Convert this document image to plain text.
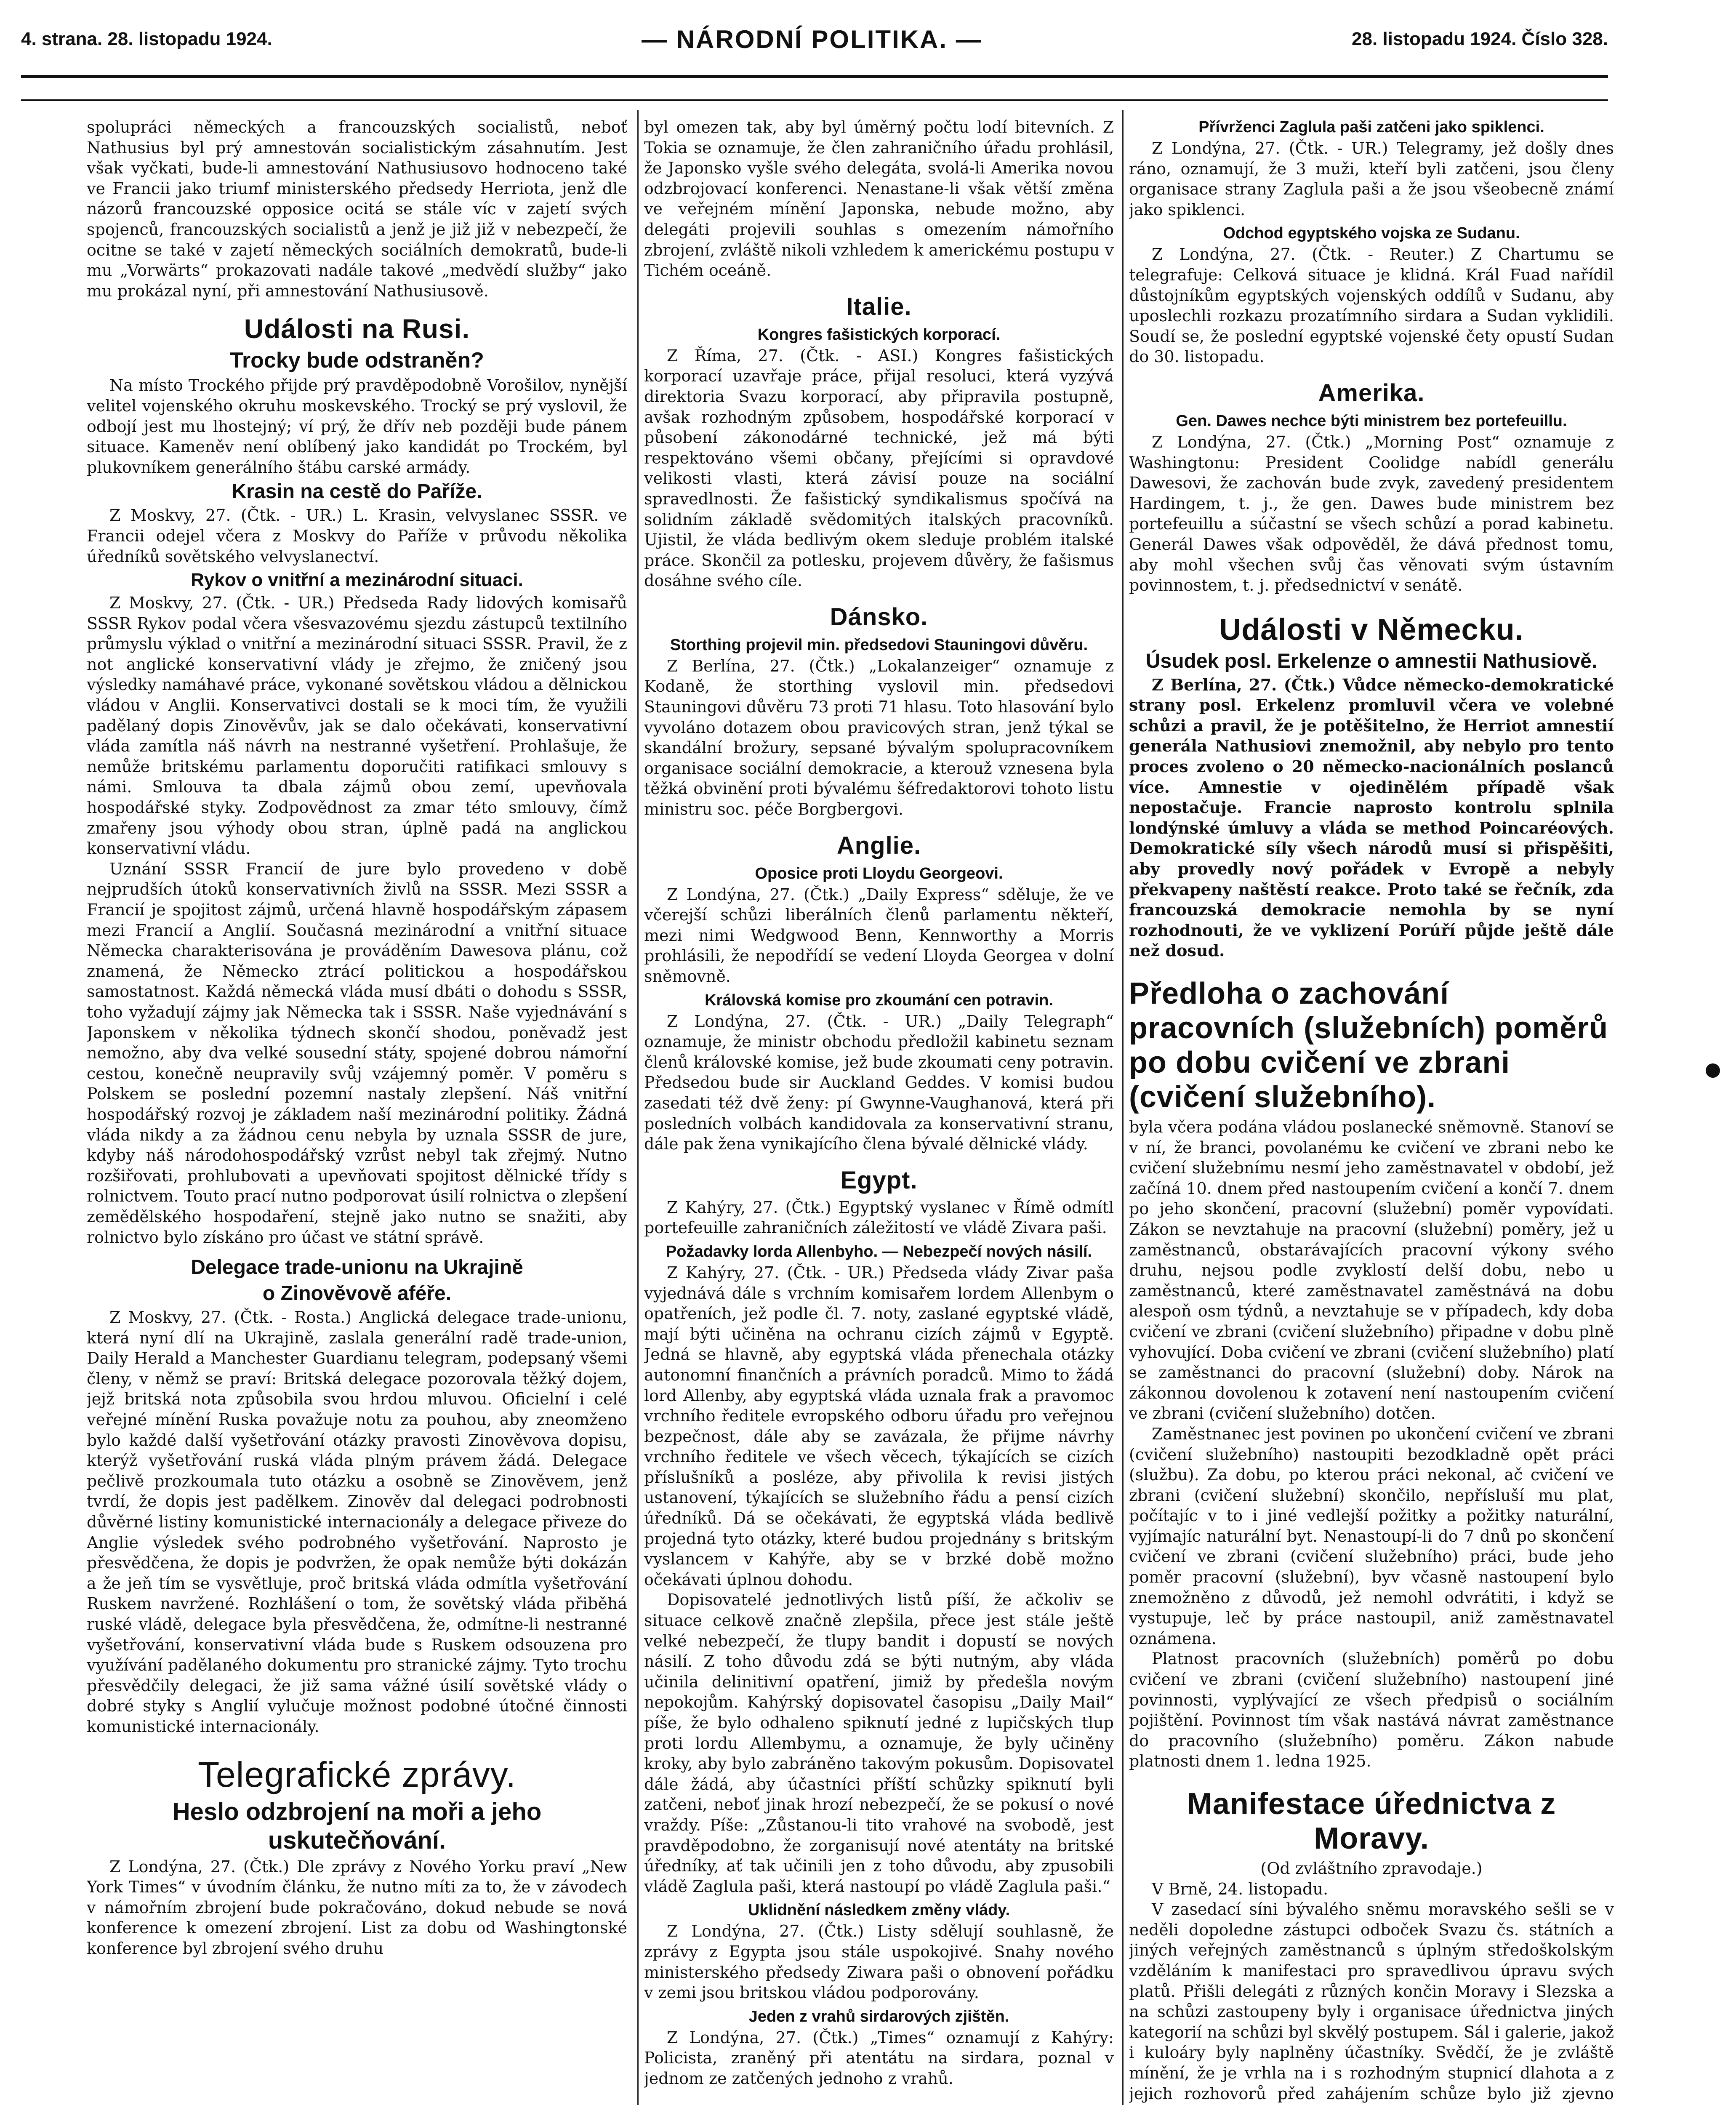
4. strana. 28. listopadu 1924.	— NÁRODNÍ POLITIKA. —	28. listopadu 1924. Číslo 328.

spolupráci německých a francouzských socialistů, neboť Nathusius byl prý amnestován socialistickým zásahnutím. Jest však vyčkati, bude-li amnestování Nathusiusovo hodnoceno také ve Francii jako triumf ministerského předsedy Herriota, jenž dle názorů francouzské opposice ocitá se stále víc v zajetí svých spojenců, francouzských socialistů a jenž je již již v nebezpečí, že ocitne se také v zajetí německých sociálních demokratů, bude-li mu „Vorwärts“ prokazovati nadále takové „medvědí služby“ jako mu prokázal nyní, při amnestování Nathusiusově.

Události na Rusi.
Trocky bude odstraněn?

Na místo Trockého přijde prý pravděpodobně Vorošilov, nynější velitel vojenského okruhu moskevského. Trocký se prý vyslovil, že odbojí jest mu lhostejný; ví prý, že dřív neb později bude pánem situace. Kameněv není oblíbený jako kandidát po Trockém, byl plukovníkem generálního štábu carské armády.

Krasin na cestě do Paříže.

Z Moskvy, 27. (Čtk. - UR.) L. Krasin, velvyslanec SSSR. ve Francii odejel včera z Moskvy do Paříže v průvodu několika úředníků sovětského velvyslanectví.

Rykov o vnitřní a mezinárodní situaci.

Z Moskvy, 27. (Čtk. - UR.) Předseda Rady lidových komisařů SSSR Rykov podal včera všesvazovému sjezdu zástupců textilního průmyslu výklad o vnitřní a mezinárodní situaci SSSR. Pravil, že z not anglické konservativní vlády je zřejmo, že zničený jsou výsledky namáhavé práce, vykonané sovětskou vládou a dělnickou vládou v Anglii. Konservativci dostali se k moci tím, že využili padělaný dopis Zinověvův, jak se dalo očekávati, konservativní vláda zamítla náš návrh na nestranné vyšetření. Prohlašuje, že nemůže britskému parlamentu doporučiti ratifikaci smlouvy s námi. Smlouva ta dbala zájmů obou zemí, upevňovala hospodářské styky. Zodpovědnost za zmar této smlouvy, čímž zmařeny jsou výhody obou stran, úplně padá na anglickou konservativní vládu.

Uznání SSSR Francií de jure bylo provedeno v době nejprudších útoků konservativních živlů na SSSR. Mezi SSSR a Francií je spojitost zájmů, určená hlavně hospodářským zápasem mezi Francií a Anglií. Současná mezinárodní a vnitřní situace Německa charakterisována je prováděním Dawesova plánu, což znamená, že Německo ztrácí politickou a hospodářskou samostatnost. Každá německá vláda musí dbáti o dohodu s SSSR, toho vyžadují zájmy jak Německa tak i SSSR. Naše vyjednávání s Japonskem v několika týdnech skončí shodou, poněvadž jest nemožno, aby dva velké sousední státy, spojené dobrou námořní cestou, konečně neupravily svůj vzájemný poměr. V poměru s Polskem se poslední pozemní nastaly zlepšení. Náš vnitřní hospodářský rozvoj je základem naší mezinárodní politiky. Žádná vláda nikdy a za žádnou cenu nebyla by uznala SSSR de jure, kdyby náš národohospodářský vzrůst nebyl tak zřejmý. Nutno rozšiřovati, prohlubovati a upevňovati spojitost dělnické třídy s rolnictvem. Touto prací nutno podporovat úsilí rolnictva o zlepšení zemědělského hospodaření, stejně jako nutno se snažiti, aby rolnictvo bylo získáno pro účast ve státní správě.

Delegace trade-unionu na Ukrajině
o Zinověvově aféře.

Z Moskvy, 27. (Čtk. - Rosta.) Anglická delegace trade-unionu, která nyní dlí na Ukrajině, zaslala generální radě trade-union, Daily Herald a Manchester Guardianu telegram, podepsaný všemi členy, v němž se praví: Britská delegace pozorovala těžký dojem, jejž britská nota způsobila svou hrdou mluvou. Oficielní i celé veřejné mínění Ruska považuje notu za pouhou, aby zneomženo bylo každé další vyšetřování otázky pravosti Zinověvova dopisu, kterýž vyšetřování ruská vláda plným právem žádá. Delegace pečlivě prozkoumala tuto otázku a osobně se Zinověvem, jenž tvrdí, že dopis jest padělkem. Zinověv dal delegaci podrobnosti důvěrné listiny komunistické internacionály a delegace přiveze do Anglie výsledek svého podrobného vyšetřování. Naprosto je přesvědčena, že dopis je podvržen, že opak nemůže býti dokázán a že jeň tím se vysvětluje, proč britská vláda odmítla vyšetřování Ruskem navržené. Rozhlášení o tom, že sovětský vláda přiběhá ruské vládě, delegace byla přesvědčena, že, odmítne-li nestranné vyšetřování, konservativní vláda bude s Ruskem odsouzena pro využívání padělaného dokumentu pro stranické zájmy. Tyto trochu přesvědčily delegaci, že již sama vážné úsilí sovětské vlády o dobré styky s Anglií vylučuje možnost podobné útočné činnosti komunistické internacionály.

Telegrafické zprávy.
Heslo odzbrojení na moři a jeho uskutečňování.

Z Londýna, 27. (Čtk.) Dle zprávy z Nového Yorku praví „New York Times“ v úvodním článku, že nutno míti za to, že v závodech v námořním zbrojení bude pokračováno, dokud nebude se nová konference k omezení zbrojení. List za dobu od Washingtonské konference byl zbrojení svého druhu

byl omezen tak, aby byl úměrný počtu lodí bitevních. Z Tokia se oznamuje, že člen zahraničního úřadu prohlásil, že Japonsko vyšle svého delegáta, svolá-li Amerika novou odzbrojovací konferenci. Nenastane-li však větší změna ve veřejném mínění Japonska, nebude možno, aby delegáti projevili souhlas s omezením námořního zbrojení, zvláště nikoli vzhledem k americkému postupu v Tichém oceáně.

Italie.
Kongres fašistických korporací.

Z Říma, 27. (Čtk. - ASI.) Kongres fašistických korporací uzavřaje práce, přijal resoluci, která vyzývá direktoria Svazu korporací, aby připravila postupně, avšak rozhodným způsobem, hospodářské korporací v působení zákonodárné technické, jež má býti respektováno všemi občany, přejícími si opravdové velikosti vlasti, která závisí pouze na sociální spravedlnosti. Že fašistický syndikalismus spočívá na solidním základě svědomitých italských pracovníků. Ujistil, že vláda bedlivým okem sleduje problém italské práce. Skončil za potlesku, projevem důvěry, že fašismus dosáhne svého cíle.

Dánsko.
Storthing projevil min. předsedovi Stauningovi důvěru.

Z Berlína, 27. (Čtk.) „Lokalanzeiger“ oznamuje z Kodaně, že storthing vyslovil min. předsedovi Stauningovi důvěru 73 proti 71 hlasu. Toto hlasování bylo vyvoláno dotazem obou pravicových stran, jenž týkal se skandální brožury, sepsané bývalým spolupracovníkem organisace sociální demokracie, a kterouž vznesena byla těžká obvinění proti bývalému šéfredaktorovi tohoto listu ministru soc. péče Borgbergovi.

Anglie.
Oposice proti Lloydu Georgeovi.

Z Londýna, 27. (Čtk.) „Daily Express“ sděluje, že ve včerejší schůzi liberálních členů parlamentu někteří, mezi nimi Wedgwood Benn, Kennworthy a Morris prohlásili, že nepodřídí se vedení Lloyda Georgea v dolní sněmovně.

Královská komise pro zkoumání cen potravin.

Z Londýna, 27. (Čtk. - UR.) „Daily Telegraph“ oznamuje, že ministr obchodu předložil kabinetu seznam členů královské komise, jež bude zkoumati ceny potravin. Předsedou bude sir Auckland Geddes. V komisi budou zasedati též dvě ženy: pí Gwynne-Vaughanová, která při posledních volbách kandidovala za konservativní stranu, dále pak žena vynikajícího člena bývalé dělnické vlády.

Egypt.

Z Kahýry, 27. (Čtk.) Egyptský vyslanec v Římě odmítl portefeuille zahraničních záležitostí ve vládě Zivara paši.

Požadavky lorda Allenbyho. — Nebezpečí nových násilí.

Z Kahýry, 27. (Čtk. - UR.) Předseda vlády Zivar paša vyjednává dále s vrchním komisařem lordem Allenbym o opatřeních, jež podle čl. 7. noty, zaslané egyptské vládě, mají býti učiněna na ochranu cizích zájmů v Egyptě. Jedná se hlavně, aby egyptská vláda přenechala otázky autonomní finančních a právních poradců. Mimo to žádá lord Allenby, aby egyptská vláda uznala frak a pravomoc vrchního ředitele evropského odboru úřadu pro veřejnou bezpečnost, dále aby se zavázala, že přijme návrhy vrchního ředitele ve všech věcech, týkajících se cizích příslušníků a posléze, aby přivolila k revisi jistých ustanovení, týkajících se služebního řádu a pensí cizích úředníků. Dá se očekávati, že egyptská vláda bedlivě projedná tyto otázky, které budou projednány s britským vyslancem v Kahýře, aby se v brzké době možno očekávati úplnou dohodu.

Dopisovatelé jednotlivých listů píší, že ačkoliv se situace celkově značně zlepšila, přece jest stále ještě velké nebezpečí, že tlupy bandit i dopustí se nových násilí. Z toho důvodu zdá se býti nutným, aby vláda učinila delinitivní opatření, jimiž by předešla novým nepokojům. Kahýrský dopisovatel časopisu „Daily Mail“ píše, že bylo odhaleno spiknutí jedné z lupičských tlup proti lordu Allembymu, a oznamuje, že byly učiněny kroky, aby bylo zabráněno takovým pokusům. Dopisovatel dále žádá, aby účastníci příští schůzky spiknutí byli zatčeni, neboť jinak hrozí nebezpečí, že se pokusí o nové vraždy. Píše: „Zůstanou-li tito vrahové na svobodě, jest pravděpodobno, že zorganisují nové atentáty na britské úředníky, ať tak učinili jen z toho důvodu, aby zpusobili vládě Zaglula paši, která nastoupí po vládě Zaglula paši.“

Uklidnění následkem změny vlády.

Z Londýna, 27. (Čtk.) Listy sdělují souhlasně, že zprávy z Egypta jsou stále uspokojivé. Snahy nového ministerského předsedy Ziwara paši o obnovení pořádku v zemi jsou britskou vládou podporovány.

Jeden z vrahů sirdarových zjištěn.

Z Londýna, 27. (Čtk.) „Times“ oznamují z Kahýry: Policista, zraněný při atentátu na sirdara, poznal v jednom ze zatčených jednoho z vrahů.

Přívrženci Zaglula paši zatčeni jako spiklenci.

Z Londýna, 27. (Čtk. - UR.) Telegramy, jež došly dnes ráno, oznamují, že 3 muži, kteří byli zatčeni, jsou členy organisace strany Zaglula paši a že jsou všeobecně známí jako spiklenci.

Odchod egyptského vojska ze Sudanu.

Z Londýna, 27. (Čtk. - Reuter.) Z Chartumu se telegrafuje: Celková situace je klidná. Král Fuad nařídil důstojníkům egyptských vojenských oddílů v Sudanu, aby uposlechli rozkazu prozatímního sirdara a Sudan vyklidili. Soudí se, že poslední egyptské vojenské čety opustí Sudan do 30. listopadu.

Amerika.
Gen. Dawes nechce býti ministrem bez portefeuillu.

Z Londýna, 27. (Čtk.) „Morning Post“ oznamuje z Washingtonu: President Coolidge nabídl generálu Dawesovi, že zachován bude zvyk, zavedený presidentem Hardingem, t. j., že gen. Dawes bude ministrem bez portefeuillu a súčastní se všech schůzí a porad kabinetu. Generál Dawes však odpověděl, že dává přednost tomu, aby mohl všechen svůj čas věnovati svým ústavním povinnostem, t. j. předsednictví v senátě.

Události v Německu.
Úsudek posl. Erkelenze o amnestii Nathusiově.

Z Berlína, 27. (Čtk.) Vůdce německo-demokratické strany posl. Erkelenz promluvil včera ve volebné schůzi a pravil, že je potěšitelno, že Herriot amnestií generála Nathusiovi znemožnil, aby nebylo pro tento proces zvoleno o 20 německo-nacionálních poslanců více. Amnestie v ojedinělém případě však nepostačuje. Francie naprosto kontrolu splnila londýnské úmluvy a vláda se method Poincaréových. Demokratické síly všech národů musí si přispěšiti, aby provedly nový pořádek v Evropě a nebyly překvapeny naštěstí reakce. Proto také se řečník, zda francouzská demokracie nemohla by se nyní rozhodnouti, že ve vyklizení Porúří půjde ještě dále než dosud.

Předloha o zachování pracovních (služebních) poměrů po dobu cvičení ve zbrani (cvičení služebního).

byla včera podána vládou poslanecké sněmovně. Stanoví se v ní, že branci, povolanému ke cvičení ve zbrani nebo ke cvičení služebnímu nesmí jeho zaměstnavatel v období, jež začíná 10. dnem před nastoupením cvičení a končí 7. dnem po jeho skončení, pracovní (služební) poměr vypovídati. Zákon se nevztahuje na pracovní (služební) poměry, jež u zaměstnanců, obstarávajících pracovní výkony svého druhu, nejsou podle zvyklostí delší dobu, nebo u zaměstnanců, které zaměstnavatel zaměstnává na dobu alespoň osm týdnů, a nevztahuje se v případech, kdy doba cvičení ve zbrani (cvičení služebního) připadne v dobu plně vyhovující. Doba cvičení ve zbrani (cvičení služebního) platí se zaměstnanci do pracovní (služební) doby. Nárok na zákonnou dovolenou k zotavení není nastoupením cvičení ve zbrani (cvičení služebního) dotčen.

Zaměstnanec jest povinen po ukončení cvičení ve zbrani (cvičení služebního) nastoupiti bezodkladně opět práci (službu). Za dobu, po kterou práci nekonal, ač cvičení ve zbrani (cvičení služební) skončilo, nepřísluší mu plat, počítajíc v to i jiné vedlejší požitky a požitky naturální, vyjímajíc naturální byt. Nenastoupí-li do 7 dnů po skončení cvičení ve zbrani (cvičení služebního) práci, bude jeho poměr pracovní (služební), byv včasně nastoupení bylo znemožněno z důvodů, jež nemohl odvrátiti, i když se vystupuje, leč by práce nastoupil, aniž zaměstnavatel oznámena.

Platnost pracovních (služebních) poměrů po dobu cvičení ve zbrani (cvičení služebního) nastoupení jiné povinnosti, vyplývající ze všech předpisů o sociálním pojištění. Povinnost tím však nastává návrat zaměstnance do pracovního (služebního) poměru. Zákon nabude platnosti dnem 1. ledna 1925.

Manifestace úřednictva z Moravy.
(Od zvláštního zpravodaje.)

V Brně, 24. listopadu.

V zasedací síni bývalého sněmu moravského sešli se v neděli dopoledne zástupci odboček Svazu čs. státních a jiných veřejných zaměstnanců s úplným středoškolským vzděláním k manifestaci pro spravedlivou úpravu svých platů. Přišli delegáti z různých končin Moravy i Slezska a na schůzi zastoupeny byly i organisace úřednictva jiných kategorií na schůzi byl skvělý postupem. Sál i galerie, jakož i kuloáry byly naplněny účastníky. Svědčí, že je zvláště mínění, že je vrhla na i s rozhodným stupnicí dlahota a z jejich rozhovorů před zahájením schůze bylo již zjevno
